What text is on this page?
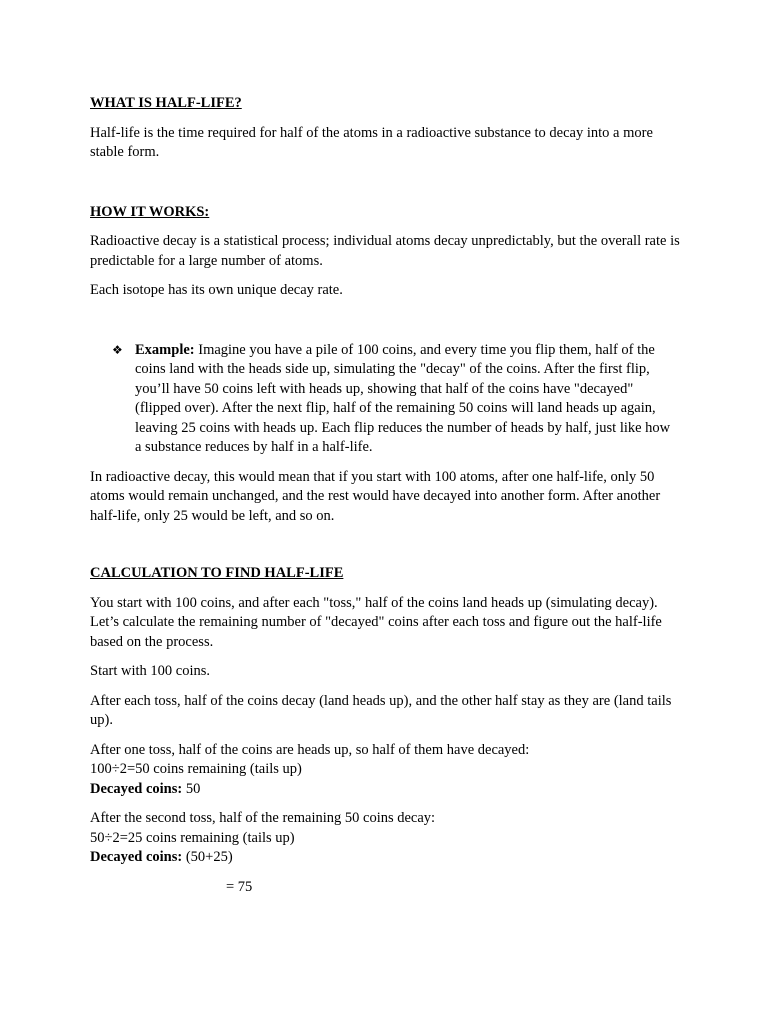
WHAT IS HALF-LIFE?

Half-life is the time required for half of the atoms in a radioactive substance to decay into a more stable form.

HOW IT WORKS:

Radioactive decay is a statistical process; individual atoms decay unpredictably, but the overall rate is predictable for a large number of atoms.

Each isotope has its own unique decay rate.

❖ Example: Imagine you have a pile of 100 coins, and every time you flip them, half of the coins land with the heads side up, simulating the "decay" of the coins. After the first flip, you’ll have 50 coins left with heads up, showing that half of the coins have "decayed" (flipped over). After the next flip, half of the remaining 50 coins will land heads up again, leaving 25 coins with heads up. Each flip reduces the number of heads by half, just like how a substance reduces by half in a half-life.

In radioactive decay, this would mean that if you start with 100 atoms, after one half-life, only 50 atoms would remain unchanged, and the rest would have decayed into another form. After another half-life, only 25 would be left, and so on.

CALCULATION TO FIND HALF-LIFE

You start with 100 coins, and after each "toss," half of the coins land heads up (simulating decay). Let’s calculate the remaining number of "decayed" coins after each toss and figure out the half-life based on the process.

Start with 100 coins.

After each toss, half of the coins decay (land heads up), and the other half stay as they are (land tails up).

After one toss, half of the coins are heads up, so half of them have decayed:

100÷2=50 coins remaining (tails up)

Decayed coins: 50

After the second toss, half of the remaining 50 coins decay:

50÷2=25 coins remaining (tails up)

Decayed coins: (50+25)

= 75
